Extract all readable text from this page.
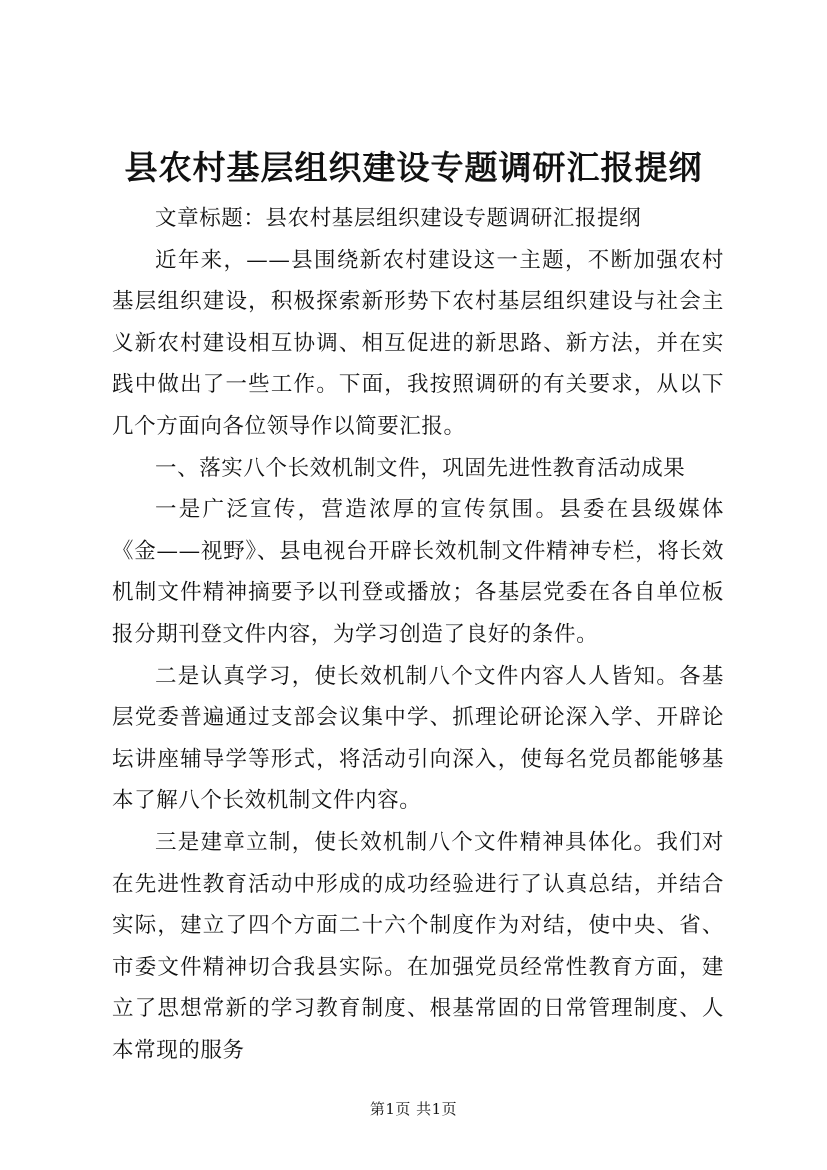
县农村基层组织建设专题调研汇报提纲

文章标题：县农村基层组织建设专题调研汇报提纲

近年来，——县围绕新农村建设这一主题，不断加强农村基层组织建设，积极探索新形势下农村基层组织建设与社会主义新农村建设相互协调、相互促进的新思路、新方法，并在实践中做出了一些工作。下面，我按照调研的有关要求，从以下几个方面向各位领导作以简要汇报。

一、落实八个长效机制文件，巩固先进性教育活动成果

一是广泛宣传，营造浓厚的宣传氛围。县委在县级媒体《金——视野》、县电视台开辟长效机制文件精神专栏，将长效机制文件精神摘要予以刊登或播放；各基层党委在各自单位板报分期刊登文件内容，为学习创造了良好的条件。

二是认真学习，使长效机制八个文件内容人人皆知。各基层党委普遍通过支部会议集中学、抓理论研论深入学、开辟论坛讲座辅导学等形式，将活动引向深入，使每名党员都能够基本了解八个长效机制文件内容。

三是建章立制，使长效机制八个文件精神具体化。我们对在先进性教育活动中形成的成功经验进行了认真总结，并结合实际，建立了四个方面二十六个制度作为对结，使中央、省、市委文件精神切合我县实际。在加强党员经常性教育方面，建立了思想常新的学习教育制度、根基常固的日常管理制度、人本常现的服务

第1页 共1页
